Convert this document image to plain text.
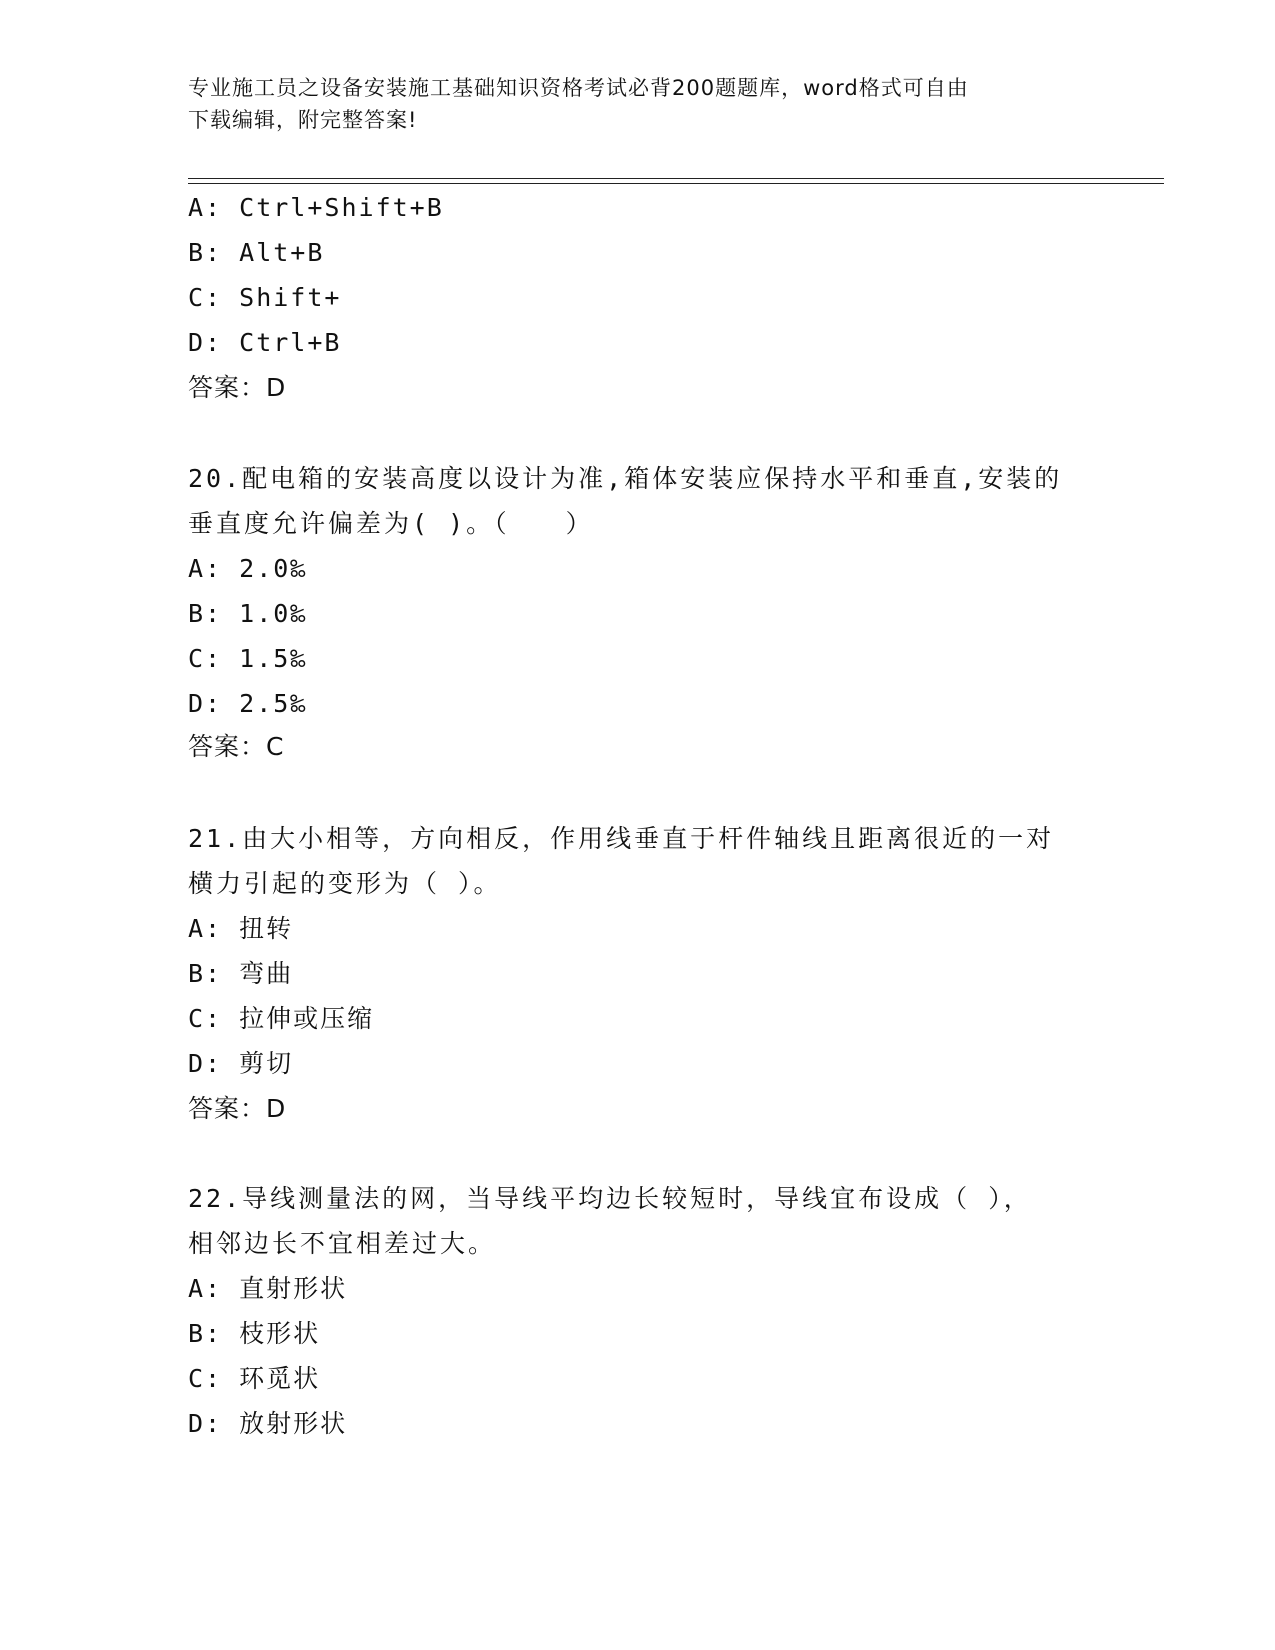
专业施工员之设备安装施工基础知识资格考试必背200题题库，word格式可自由
下载编辑，附完整答案!
A: Ctrl+Shift+B
B: Alt+B
C: Shift+
D: Ctrl+B
答案：D
20.配电箱的安装高度以设计为准,箱体安装应保持水平和垂直,安装的
垂直度允许偏差为( )。（　　）
A: 2.0‰
B: 1.0‰
C: 1.5‰
D: 2.5‰
答案：C
21.由大小相等，方向相反，作用线垂直于杆件轴线且距离很近的一对
横力引起的变形为（ ）。
A: 扭转
B: 弯曲
C: 拉伸或压缩
D: 剪切
答案：D
22.导线测量法的网，当导线平均边长较短时，导线宜布设成（ ），
相邻边长不宜相差过大。
A: 直射形状
B: 枝形状
C: 环觅状
D: 放射形状
